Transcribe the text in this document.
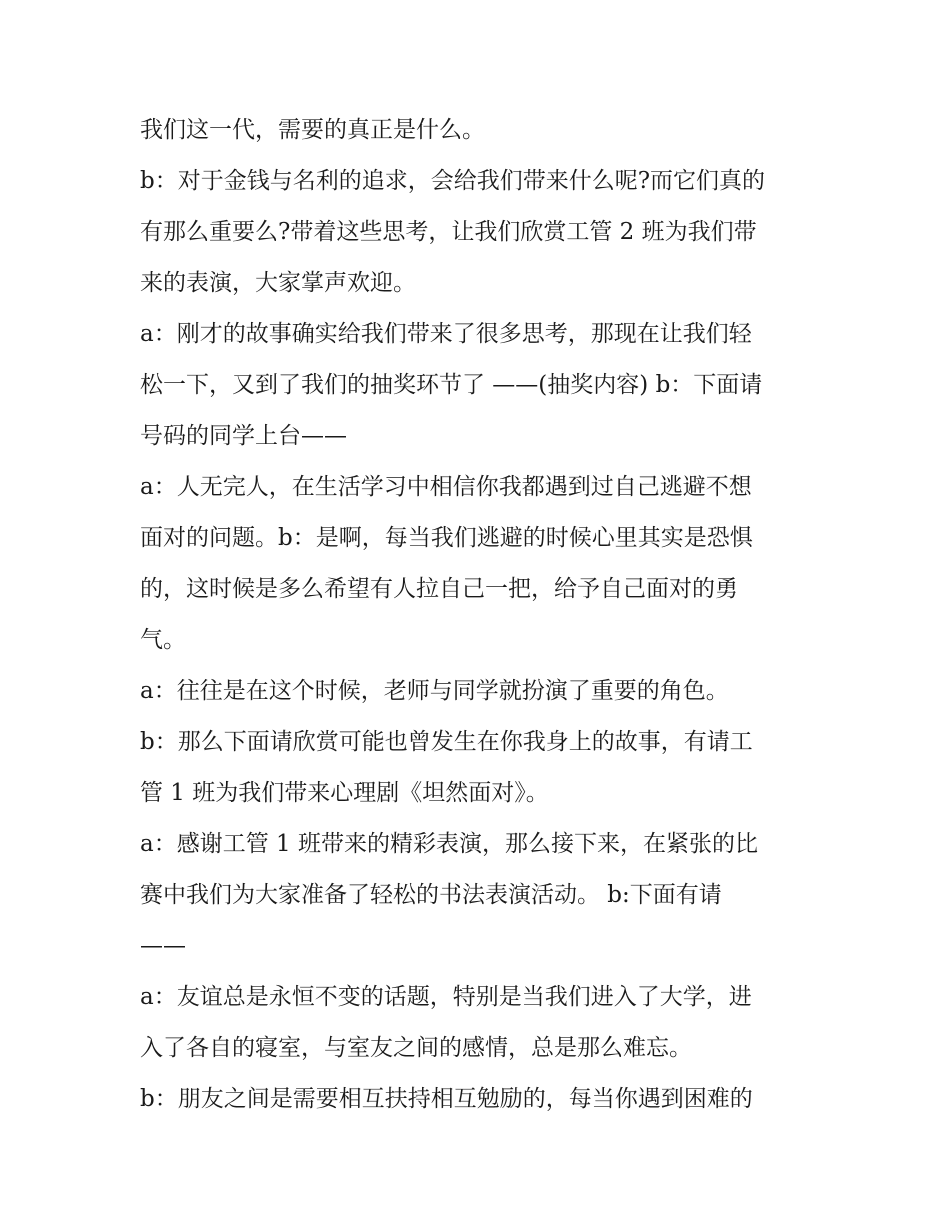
我们这一代，需要的真正是什么。
b：对于金钱与名利的追求，会给我们带来什么呢?而它们真的
有那么重要么?带着这些思考，让我们欣赏工管 2 班为我们带
来的表演，大家掌声欢迎。
a：刚才的故事确实给我们带来了很多思考，那现在让我们轻
松一下，又到了我们的抽奖环节了 ——(抽奖内容) b：下面请
号码的同学上台——
a：人无完人，在生活学习中相信你我都遇到过自己逃避不想
面对的问题。b：是啊，每当我们逃避的时候心里其实是恐惧
的，这时候是多么希望有人拉自己一把，给予自己面对的勇
气。
a：往往是在这个时候，老师与同学就扮演了重要的角色。
b：那么下面请欣赏可能也曾发生在你我身上的故事，有请工
管 1 班为我们带来心理剧《坦然面对》。
a：感谢工管 1 班带来的精彩表演，那么接下来，在紧张的比
赛中我们为大家准备了轻松的书法表演活动。 b:下面有请
——
a：友谊总是永恒不变的话题，特别是当我们进入了大学，进
入了各自的寝室，与室友之间的感情，总是那么难忘。
b：朋友之间是需要相互扶持相互勉励的，每当你遇到困难的
